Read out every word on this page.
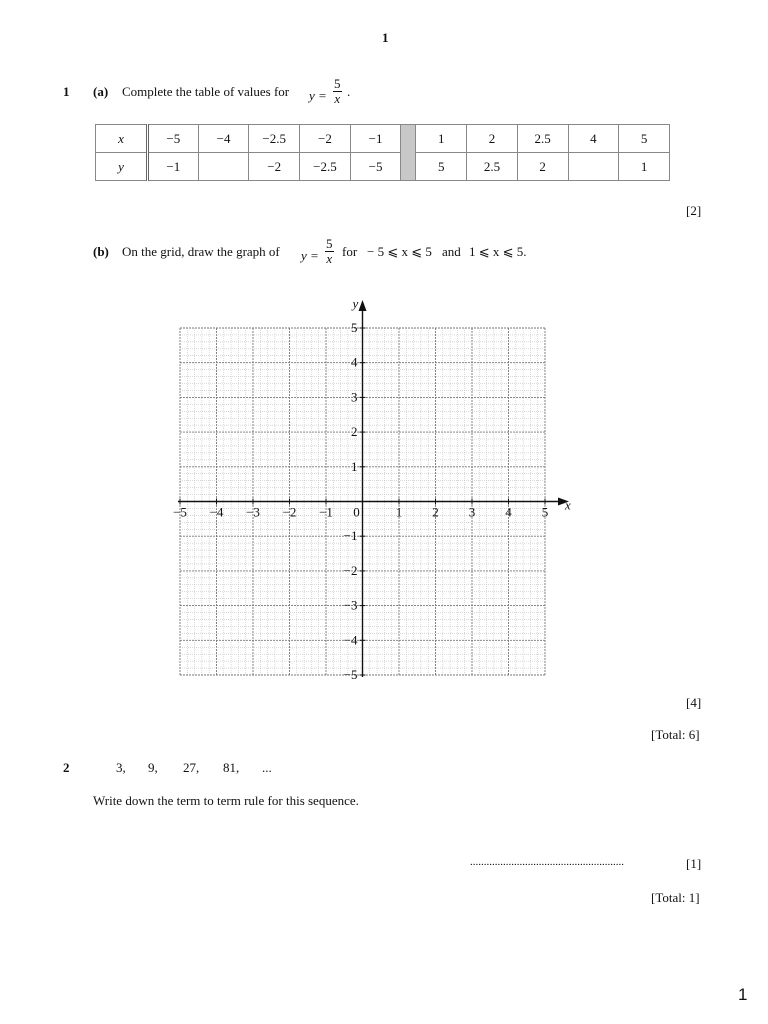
1
1 (a) Complete the table of values for $y = \frac{5}{x}$ .
x	−5	−4	−2.5	−2	−1		1	2	2.5	4	5
y	−1		−2	−2.5	−5		5	2.5	2		1
[2]
(b) On the grid, draw the graph of $y = \frac{5}{x}$ for − 5 ⩽ x ⩽ 5 and 1 ⩽ x ⩽ 5.
x
y
−5 −4 −3 −2 −1 0	1 2 3 4 5
5
4
3
2
1
−1
−2
−3
−4
−5
[4]
[Total: 6]
2	3, 9, 27, 81, ...
Write down the term to term rule for this sequence.
........................................................	[1]
[Total: 1]
1
